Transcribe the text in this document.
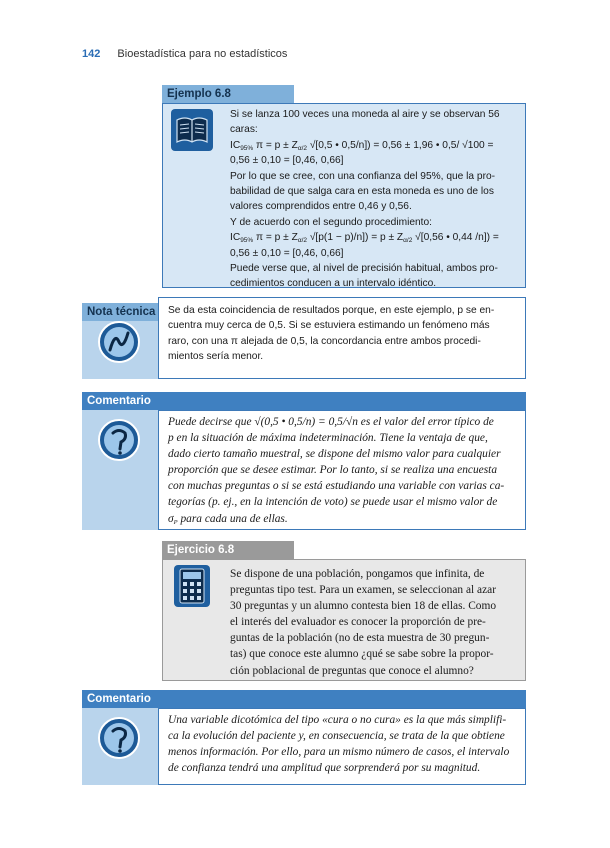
142 Bioestadística para no estadísticos
Ejemplo 6.8

Si se lanza 100 veces una moneda al aire y se observan 56

caras:

$IC_{95\%}$ $\pi = p \pm Z_{\alpha/2}$ √[0,5 • 0,5/n]) = 0,56 ± 1,96 • 0,5/ √100 =

0,56 ± 0,10 = [0,46, 0,66]

Por lo que se cree, con una confianza del 95%, que la pro-

babilidad de que salga cara en esta moneda es uno de los

valores comprendidos entre 0,46 y 0,56.

Y de acuerdo con el segundo procedimiento:

$IC_{95\%}$ $\pi = p \pm Z_{\alpha/2}$ $√[p(1 - p)/n]) = p \pm Z_{\alpha/2}$ √[0,56 • 0,44 /n]) =

0,56 ± 0,10 = [0,46, 0,66]

Puede verse que, al nivel de precisión habitual, ambos pro-

cedimientos conducen a un intervalo idéntico.

Nota técnica Se da esta coincidencia de resultados porque, en este ejemplo, p se en-

cuentra muy cerca de 0,5. Si se estuviera estimando un fenómeno más

raro, con una π alejada de 0,5, la concordancia entre ambos procedi-

mientos sería menor.

Comentario

Puede decirse que √(0,5 • 0,5/n) = 0,5/√n es el valor del error típico de

p en la situación de máxima indeterminación. Tiene la ventaja de que,

dado cierto tamaño muestral, se dispone del mismo valor para cualquier

proporción que se desee estimar. Por lo tanto, si se realiza una encuesta

con muchas preguntas o si se está estudiando una variable con varias ca-

tegorías (p. ej., en la intención de voto) se puede usar el mismo valor de

$\sigma_P$ para cada una de ellas.

Ejercicio 6.8

Se dispone de una población, pongamos que infinita, de

preguntas tipo test. Para un examen, se seleccionan al azar

30 preguntas y un alumno contesta bien 18 de ellas. Como

el interés del evaluador es conocer la proporción de pre-

guntas de la población (no de esta muestra de 30 pregun-

tas) que conoce este alumno ¿qué se sabe sobre la propor-

ción poblacional de preguntas que conoce el alumno?

Comentario

Una variable dicotómica del tipo «cura o no cura» es la que más simplifi-

ca la evolución del paciente y, en consecuencia, se trata de la que obtiene

menos información. Por ello, para un mismo número de casos, el intervalo

de confianza tendrá una amplitud que sorprenderá por su magnitud.
